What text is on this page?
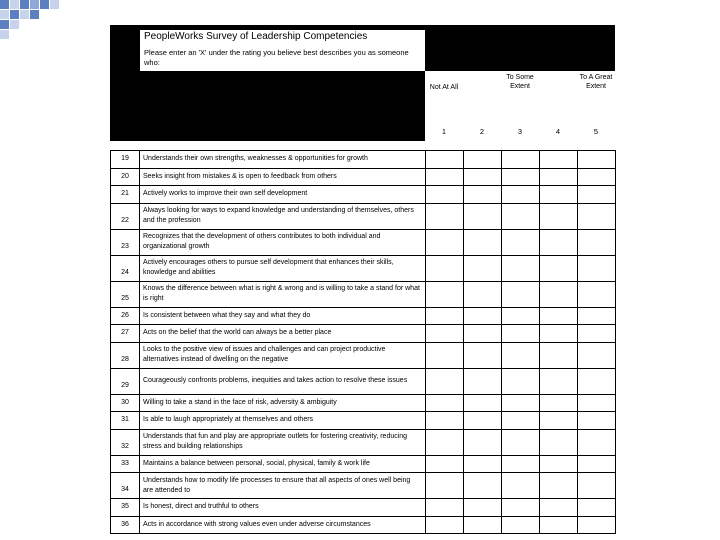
PeopleWorks Survey of Leadership Competencies
Please enter an 'X' under the rating you believe best describes you as someone who:
Not At All
To Some Extent
To A Great Extent
1	2	3	4	5
19	Understands their own strengths, weaknesses & opportunities for growth					
20	Seeks insight from mistakes & is open to feedback from others					
21	Actively works to improve their own self development					
22	Always looking for ways to expand knowledge and understanding of themselves, others and the profession					
23	Recognizes that the development of others contributes to both individual and organizational growth					
24	Actively encourages others to pursue self development that enhances their skills, knowledge and abilities					
25	Knows the difference between what is right & wrong and is willing to take a stand for what is right					
26	Is consistent between what they say and what they do					
27	Acts on the belief that the world can always be a better place					
28	Looks to the positive view of issues and challenges and can project productive alternatives instead of dwelling on the negative					
29	Courageously confronts problems, inequities and takes action to resolve these issues					
30	Willing to take a stand in the face of risk, adversity & ambiguity					
31	Is able to laugh appropriately at themselves and others					
32	Understands that fun and play are appropriate outlets for fostering creativity, reducing stress and building relationships					
33	Maintains a balance between personal, social, physical, family & work life					
34	Understands how to modify life processes to ensure that all aspects of ones well being are attended to					
35	Is honest, direct and truthful to others					
36	Acts in accordance with strong values even under adverse circumstances					
